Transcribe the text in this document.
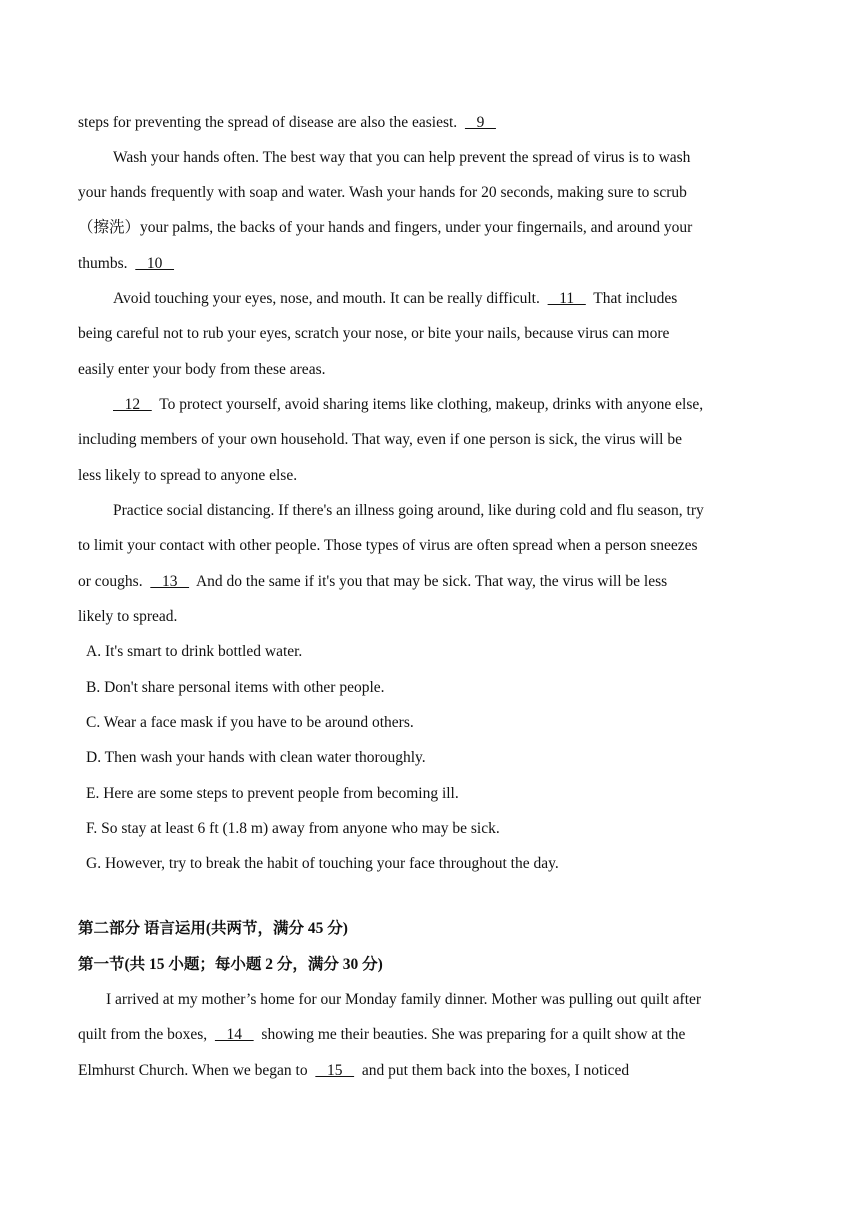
steps for preventing the spread of disease are also the easiest.     9
Wash your hands often. The best way that you can help prevent the spread of virus is to wash
your hands frequently with soap and water. Wash your hands for 20 seconds, making sure to scrub
（擦洗）your palms, the backs of your hands and fingers, under your fingernails, and around your
thumbs.     10
Avoid touching your eyes, nose, and mouth. It can be really difficult.     11     That includes
being careful not to rub your eyes, scratch your nose, or bite your nails, because virus can more
easily enter your body from these areas.
12     To protect yourself, avoid sharing items like clothing, makeup, drinks with anyone else,
including members of your own household. That way, even if one person is sick, the virus will be
less likely to spread to anyone else.
Practice social distancing. If there's an illness going around, like during cold and flu season, try
to limit your contact with other people. Those types of virus are often spread when a person sneezes
or coughs.     13     And do the same if it's you that may be sick. That way, the virus will be less
likely to spread.
A. It's smart to drink bottled water.
B. Don't share personal items with other people.
C. Wear a face mask if you have to be around others.
D. Then wash your hands with clean water thoroughly.
E. Here are some steps to prevent people from becoming ill.
F. So stay at least 6 ft (1.8 m) away from anyone who may be sick.
G. However, try to break the habit of touching your face throughout the day.
第二部分 语言运用(共两节，满分 45 分)
第一节(共 15 小题；每小题 2 分，满分 30 分)
I arrived at my mother’s home for our Monday family dinner. Mother was pulling out quilt after
quilt from the boxes,     14     showing me their beauties. She was preparing for a quilt show at the
Elmhurst Church. When we began to     15     and put them back into the boxes, I noticed
